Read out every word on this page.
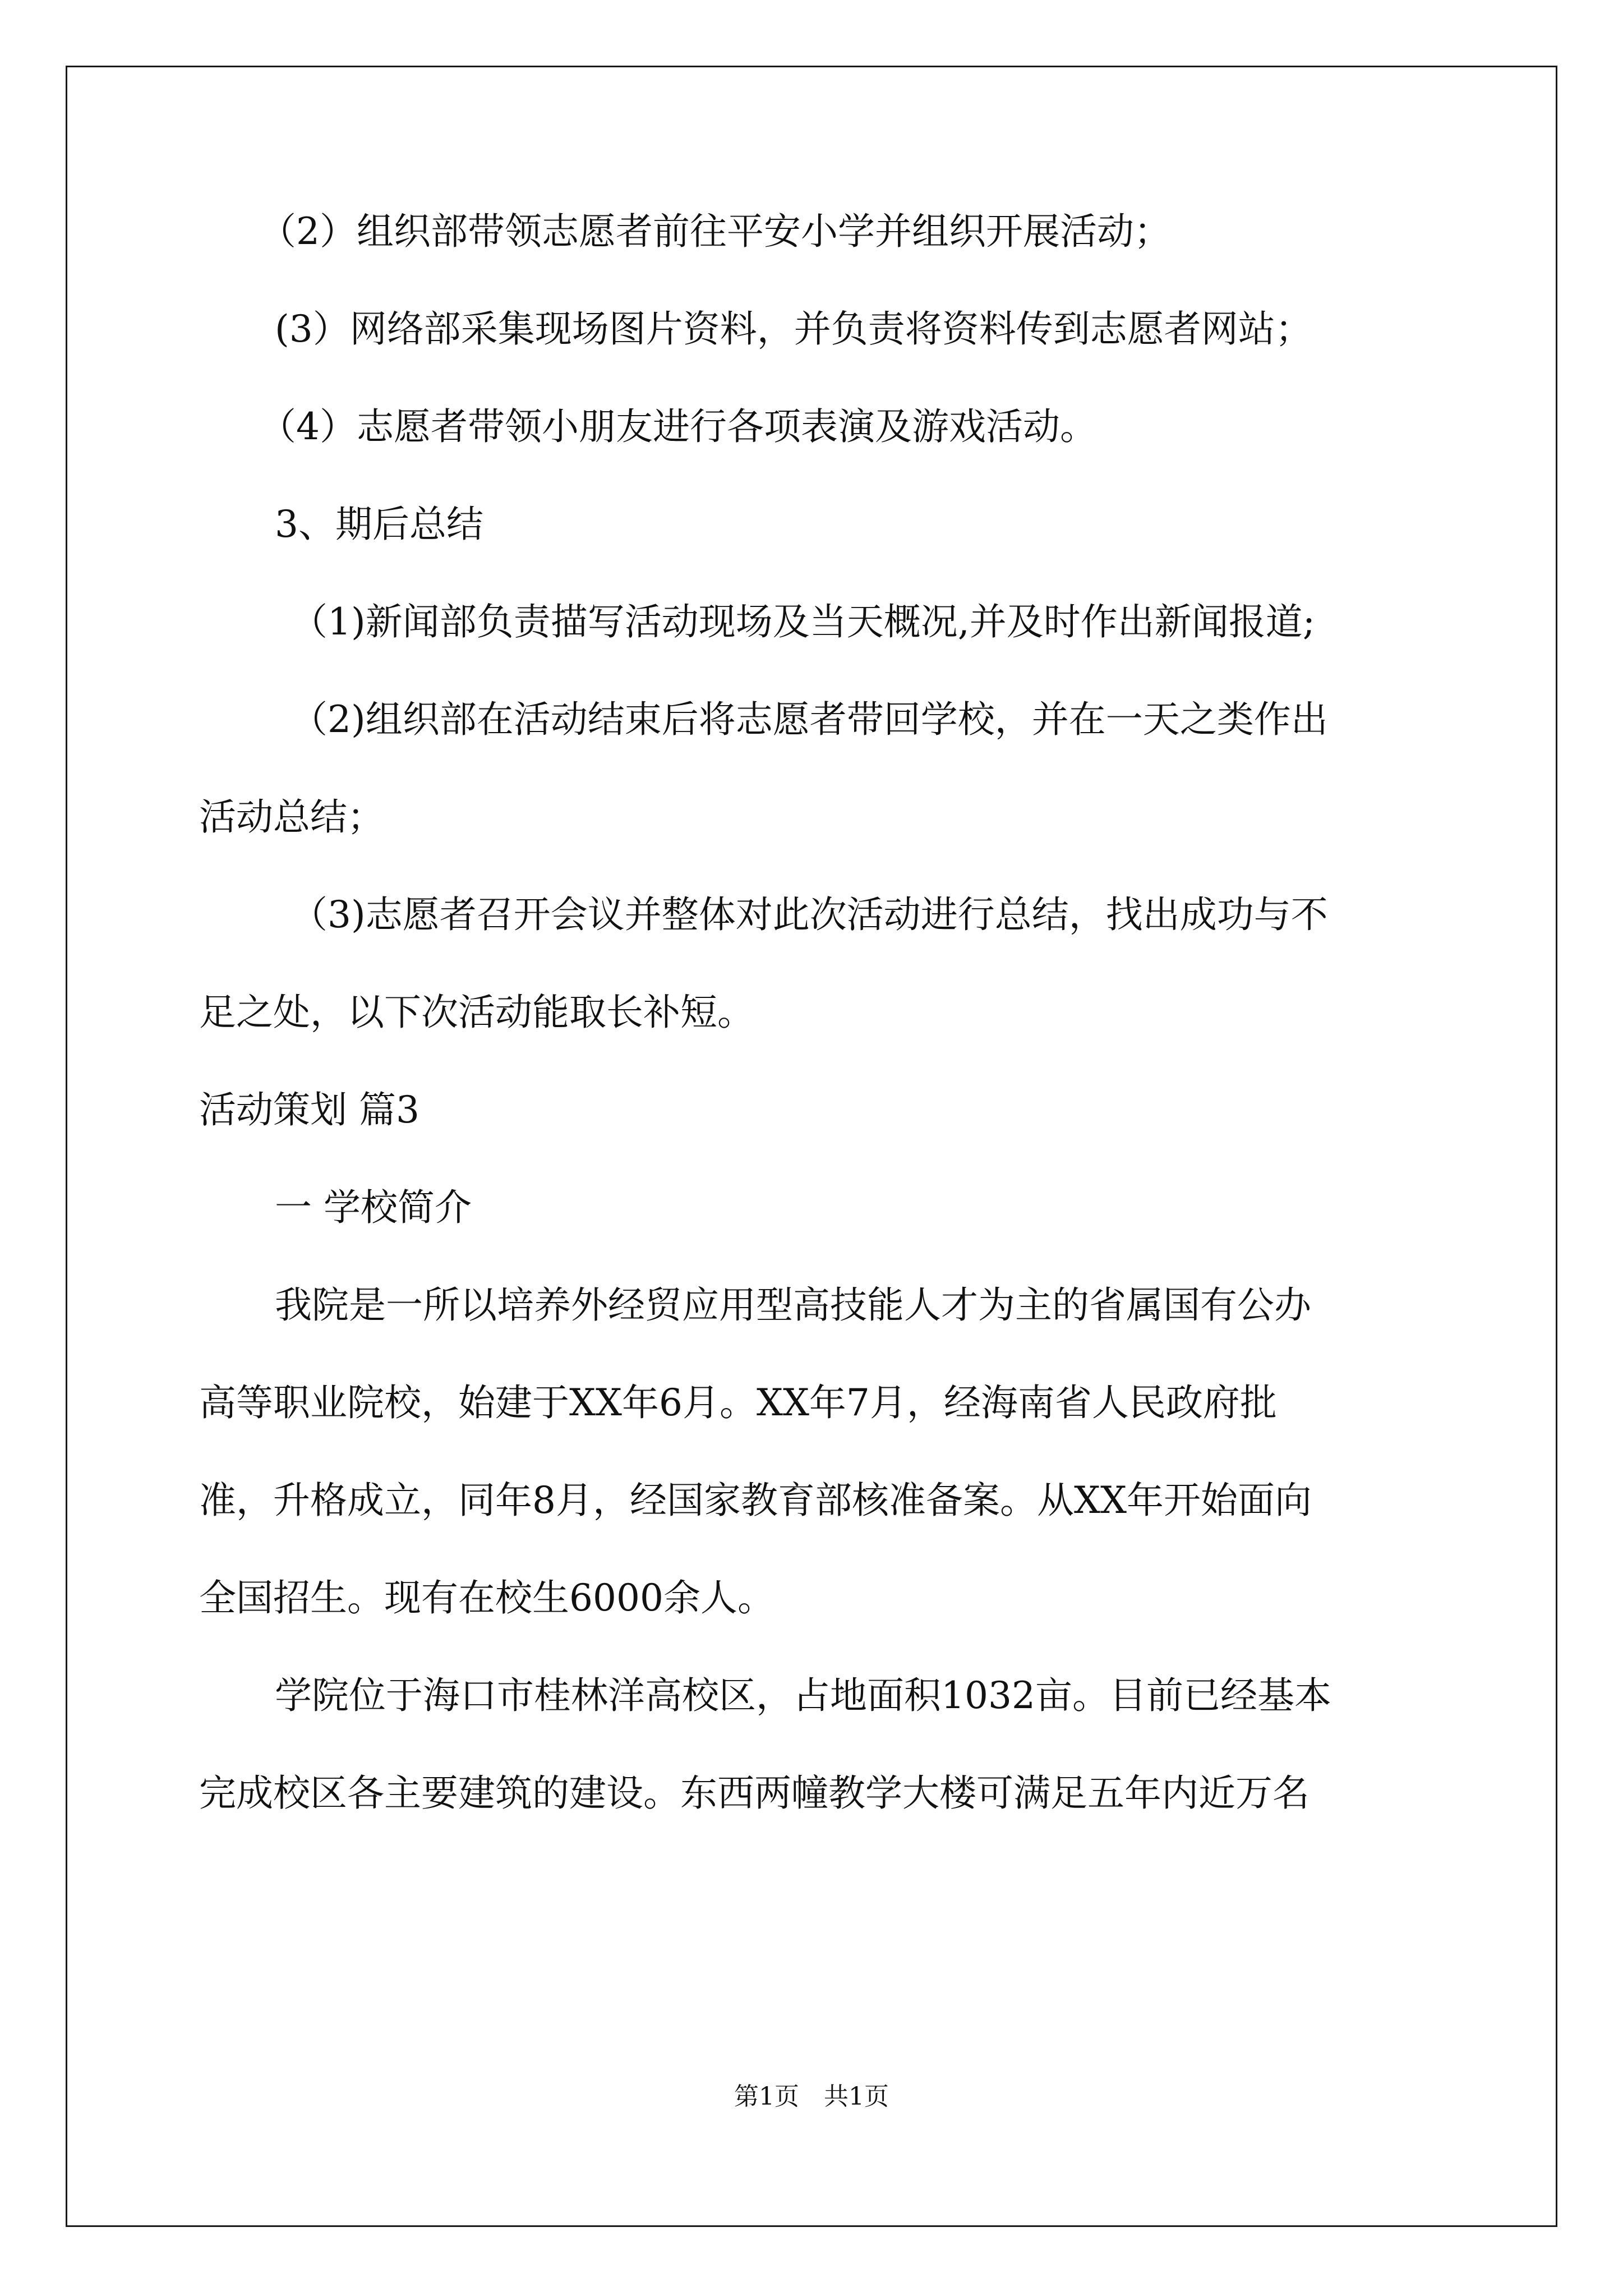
（2）组织部带领志愿者前往平安小学并组织开展活动；
(3）网络部采集现场图片资料，并负责将资料传到志愿者网站；
（4）志愿者带领小朋友进行各项表演及游戏活动。
3、期后总结
（1)新闻部负责描写活动现场及当天概况,并及时作出新闻报道;
（2)组织部在活动结束后将志愿者带回学校，并在一天之类作出
活动总结；
（3)志愿者召开会议并整体对此次活动进行总结，找出成功与不
足之处，以下次活动能取长补短。
活动策划 篇3
一 学校简介
我院是一所以培养外经贸应用型高技能人才为主的省属国有公办
高等职业院校，始建于XX年6月。XX年7月，经海南省人民政府批
准，升格成立，同年8月，经国家教育部核准备案。从XX年开始面向
全国招生。现有在校生6000余人。
学院位于海口市桂林洋高校区，占地面积1032亩。目前已经基本
完成校区各主要建筑的建设。东西两幢教学大楼可满足五年内近万名
第1页　共1页
